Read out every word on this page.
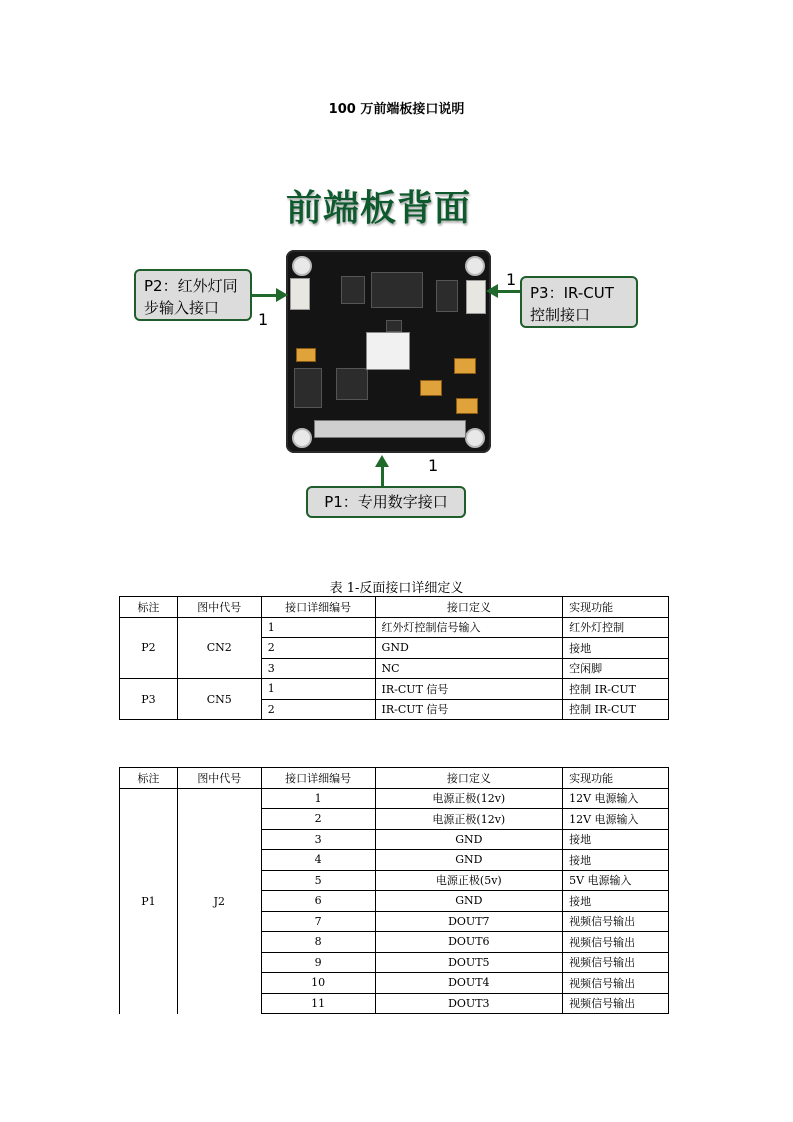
100 万前端板接口说明
前端板背面
P2：红外灯同步输入接口
1
P3：IR-CUT控制接口
1
1
P1：专用数字接口
表 1-反面接口详细定义
标注	图中代号	接口详细编号	接口定义	实现功能
P2	CN2	1	红外灯控制信号输入	红外灯控制
		2	GND	接地
		3	NC	空闲脚
P3	CN5	1	IR-CUT 信号	控制 IR-CUT
		2	IR-CUT 信号	控制 IR-CUT
标注	图中代号	接口详细编号	接口定义	实现功能
P1	J2	1	电源正极(12v)	12V 电源输入
		2	电源正极(12v)	12V 电源输入
		3	GND	接地
		4	GND	接地
		5	电源正极(5v)	5V 电源输入
		6	GND	接地
		7	DOUT7	视频信号输出
		8	DOUT6	视频信号输出
		9	DOUT5	视频信号输出
		10	DOUT4	视频信号输出
		11	DOUT3	视频信号输出
